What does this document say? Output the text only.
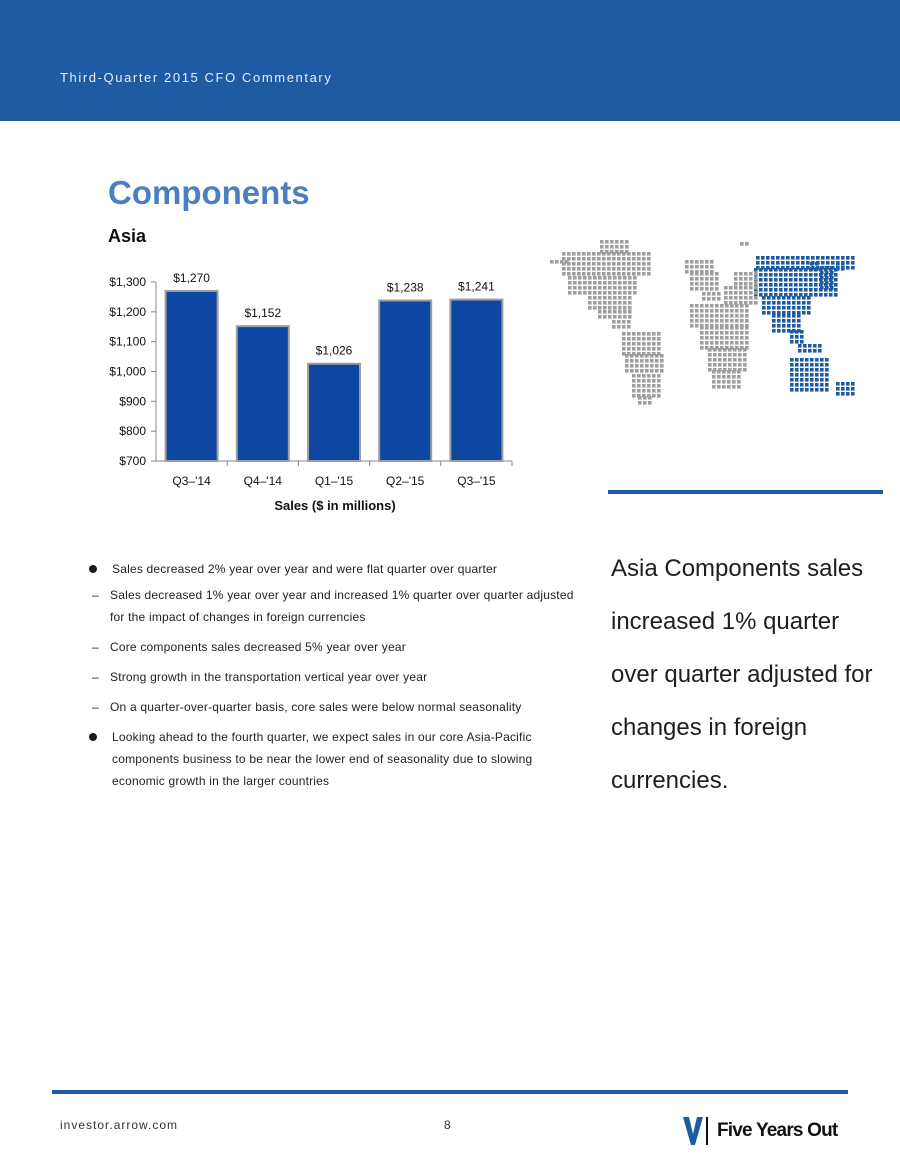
Third-Quarter 2015 CFO Commentary
Components
Asia
$700
$800
$900
$1,000
$1,100
$1,200
$1,300 $1,270
Q3–'14
$1,152
Q4–'14
$1,026
Q1–'15
$1,238
Q2–'15
$1,241
Q3–'15
Sales ($ in millions)
Sales decreased 2% year over year and were flat quarter over quarter
– Sales decreased 1% year over year and increased 1% quarter over quarter adjusted for the impact of changes in foreign currencies
– Core components sales decreased 5% year over year
– Strong growth in the transportation vertical year over year
– On a quarter-over-quarter basis, core sales were below normal seasonality
Looking ahead to the fourth quarter, we expect sales in our core Asia-Pacific components business to be near the lower end of seasonality due to slowing economic growth in the larger countries
Asia Components sales increased 1% quarter over quarter adjusted for changes in foreign currencies.
investor.arrow.com	8	Five Years Out
